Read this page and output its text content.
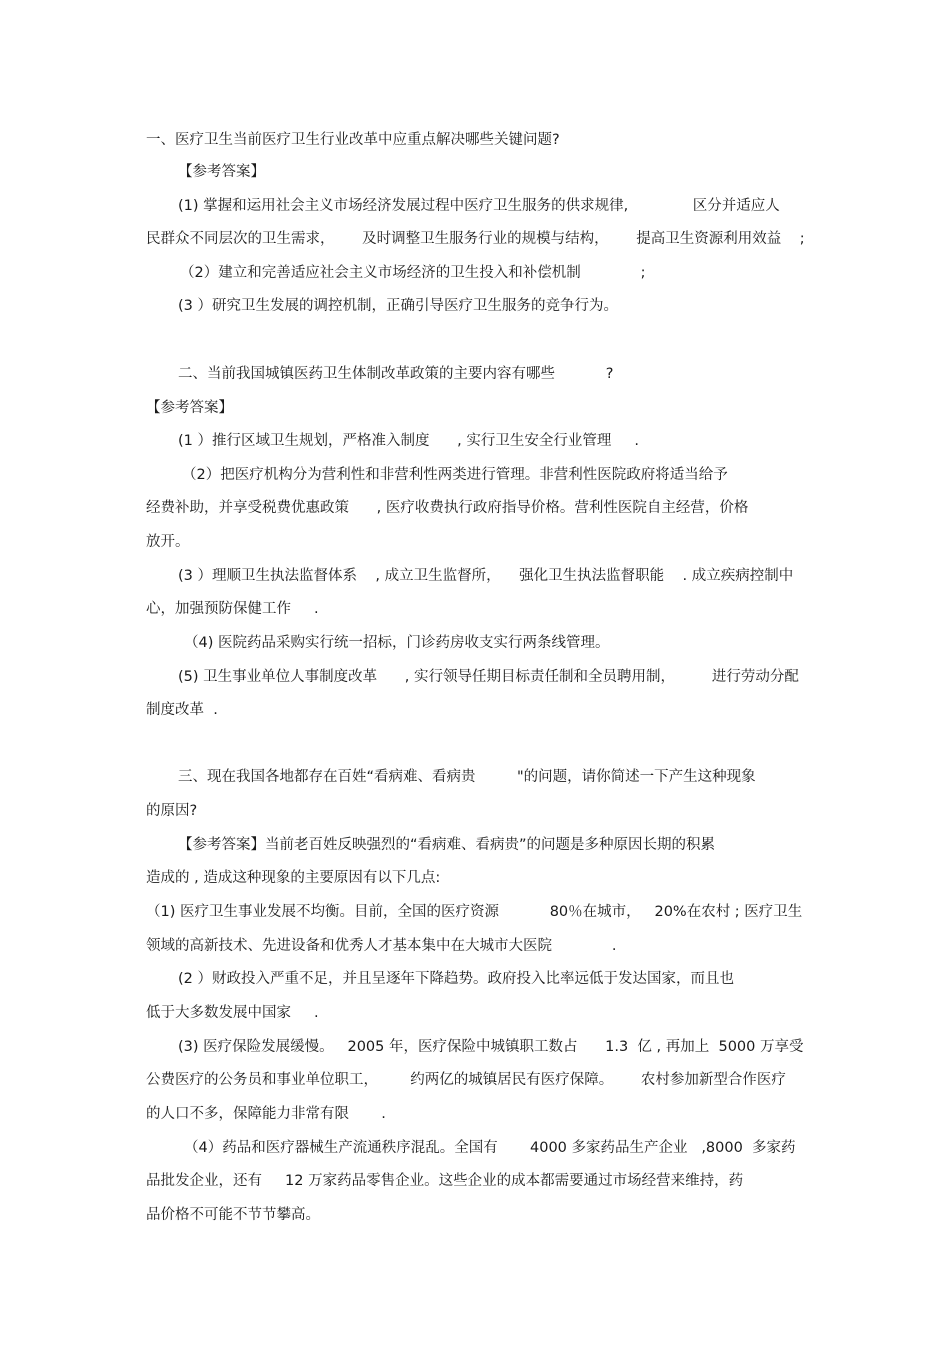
一、医疗卫生当前医疗卫生行业改革中应重点解决哪些关键问题?

【参考答案】

(1) 掌握和运用社会主义市场经济发展过程中医疗卫生服务的供求规律,              区分并适应人

民群众不同层次的卫生需求，      及时调整卫生服务行业的规模与结构，      提高卫生资源利用效益    ;

（2）建立和完善适应社会主义市场经济的卫生投入和补偿机制             ;

(3 ）研究卫生发展的调控机制，正确引导医疗卫生服务的竞争行为。

二、当前我国城镇医药卫生体制改革政策的主要内容有哪些           ?

【参考答案】

(1 ）推行区域卫生规划，严格准入制度      , 实行卫生安全行业管理     .

（2）把医疗机构分为营利性和非营利性两类进行管理。非营利性医院政府将适当给予

经费补助，并享受税费优惠政策      , 医疗收费执行政府指导价格。营利性医院自主经营，价格

放开。

(3 ）理顺卫生执法监督体系    , 成立卫生监督所，    强化卫生执法监督职能    . 成立疾病控制中

心，加强预防保健工作     .

（4) 医院药品采购实行统一招标，门诊药房收支实行两条线管理。

(5) 卫生事业单位人事制度改革      , 实行领导任期目标责任制和全员聘用制，        进行劳动分配

制度改革  .

三、现在我国各地都存在百姓“看病难、看病贵         "的问题，请你简述一下产生这种现象

的原因?

【参考答案】当前老百姓反映强烈的“看病难、看病贵”的问题是多种原因长期的积累

造成的 , 造成这种现象的主要原因有以下几点:

（1) 医疗卫生事业发展不均衡。目前，全国的医疗资源           80％在城市，   20%在农村 ; 医疗卫生

领域的高新技术、先进设备和优秀人才基本集中在大城市大医院             .

(2 ）财政投入严重不足，并且呈逐年下降趋势。政府投入比率远低于发达国家，而且也

低于大多数发展中国家     .

(3) 医疗保险发展缓慢。   2005 年，医疗保险中城镇职工数占      1.3  亿 , 再加上  5000 万享受

公费医疗的公务员和事业单位职工，       约两亿的城镇居民有医疗保障。      农村参加新型合作医疗

的人口不多，保障能力非常有限       .

（4）药品和医疗器械生产流通秩序混乱。全国有       4000 多家药品生产企业   ,8000  多家药

品批发企业，还有     12 万家药品零售企业。这些企业的成本都需要通过市场经营来维持，药

品价格不可能不节节攀高。
